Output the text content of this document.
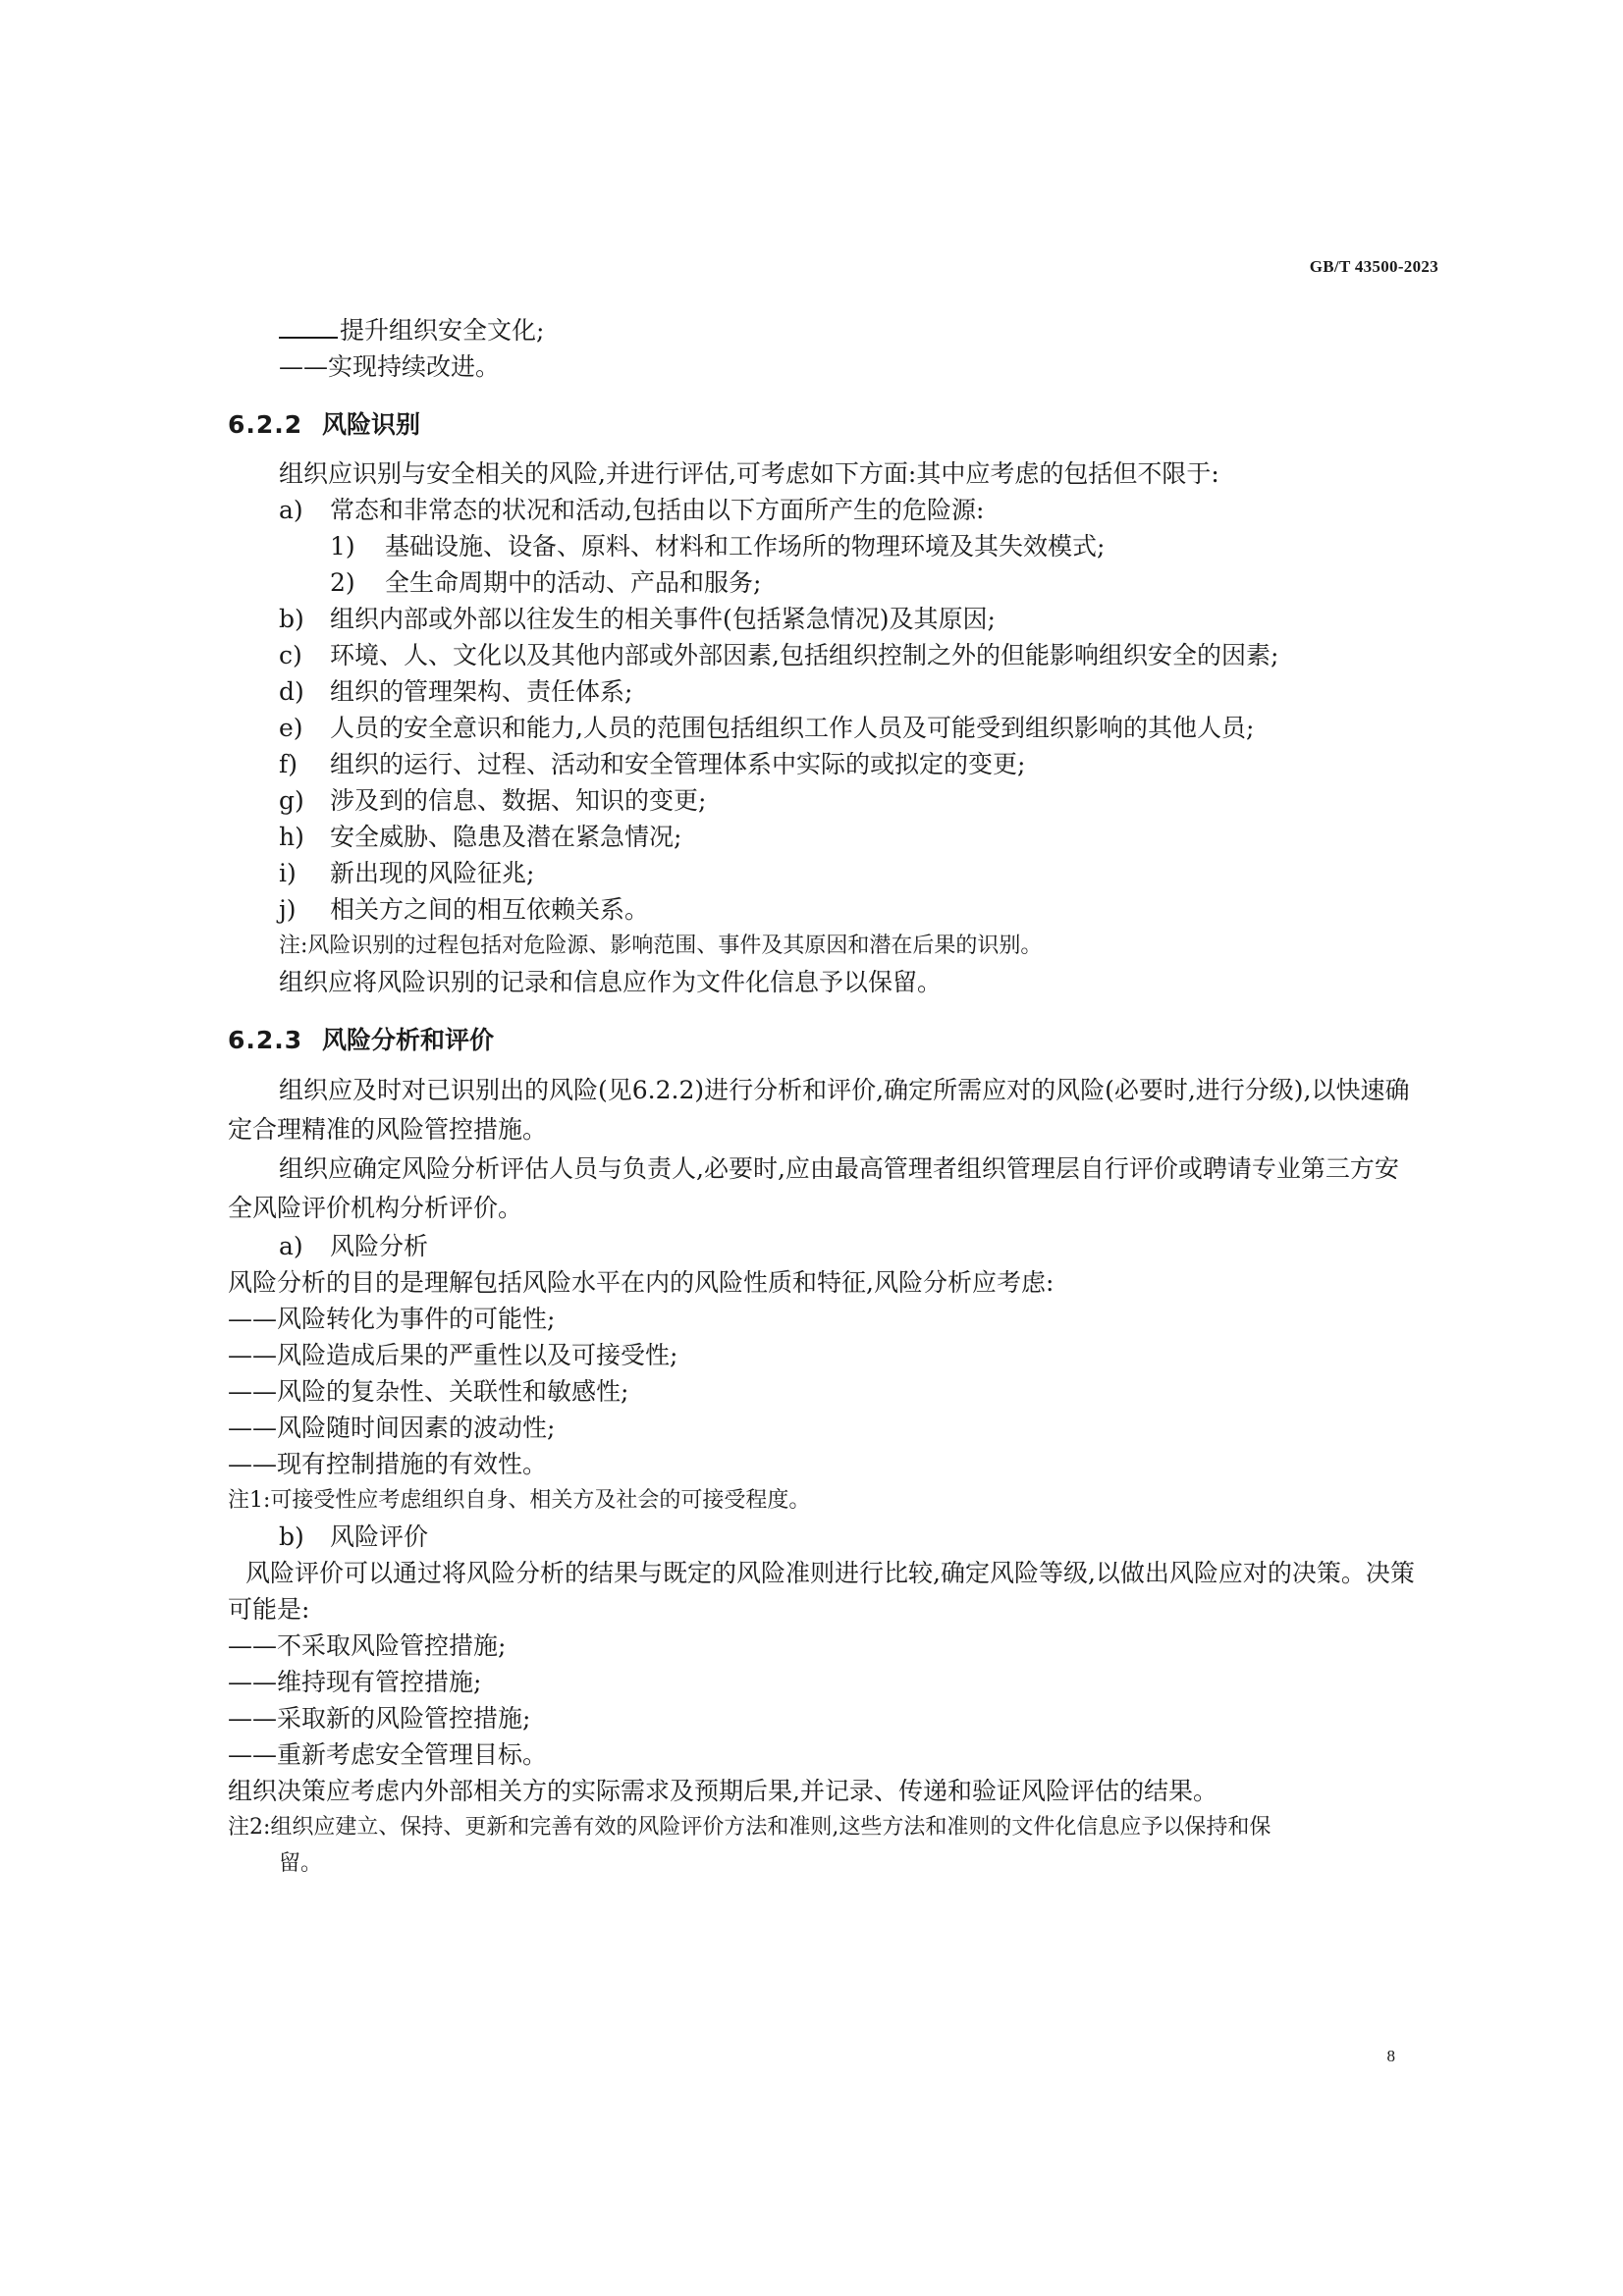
GB/T 43500-2023
提升组织安全文化;
——实现持续改进。
6.2.2 风险识别
组织应识别与安全相关的风险,并进行评估,可考虑如下方面:其中应考虑的包括但不限于:
a) 常态和非常态的状况和活动,包括由以下方面所产生的危险源:
1) 基础设施、设备、原料、材料和工作场所的物理环境及其失效模式;
2) 全生命周期中的活动、产品和服务;
b) 组织内部或外部以往发生的相关事件(包括紧急情况)及其原因;
c) 环境、人、文化以及其他内部或外部因素,包括组织控制之外的但能影响组织安全的因素;
d) 组织的管理架构、责任体系;
e) 人员的安全意识和能力,人员的范围包括组织工作人员及可能受到组织影响的其他人员;
f) 组织的运行、过程、活动和安全管理体系中实际的或拟定的变更;
g) 涉及到的信息、数据、知识的变更;
h) 安全威胁、隐患及潜在紧急情况;
i) 新出现的风险征兆;
j) 相关方之间的相互依赖关系。
注:风险识别的过程包括对危险源、影响范围、事件及其原因和潜在后果的识别。
组织应将风险识别的记录和信息应作为文件化信息予以保留。
6.2.3 风险分析和评价
组织应及时对已识别出的风险(见6.2.2)进行分析和评价,确定所需应对的风险(必要时,进行分级),以快速确定合理精准的风险管控措施。
组织应确定风险分析评估人员与负责人,必要时,应由最高管理者组织管理层自行评价或聘请专业第三方安全风险评价机构分析评价。
a) 风险分析
风险分析的目的是理解包括风险水平在内的风险性质和特征,风险分析应考虑:
——风险转化为事件的可能性;
——风险造成后果的严重性以及可接受性;
——风险的复杂性、关联性和敏感性;
——风险随时间因素的波动性;
——现有控制措施的有效性。
注1:可接受性应考虑组织自身、相关方及社会的可接受程度。
b) 风险评价
风险评价可以通过将风险分析的结果与既定的风险准则进行比较,确定风险等级,以做出风险应对的决策。决策可能是:
——不采取风险管控措施;
——维持现有管控措施;
——采取新的风险管控措施;
——重新考虑安全管理目标。
组织决策应考虑内外部相关方的实际需求及预期后果,并记录、传递和验证风险评估的结果。
注2:组织应建立、保持、更新和完善有效的风险评价方法和准则,这些方法和准则的文件化信息应予以保持和保
留。
8
